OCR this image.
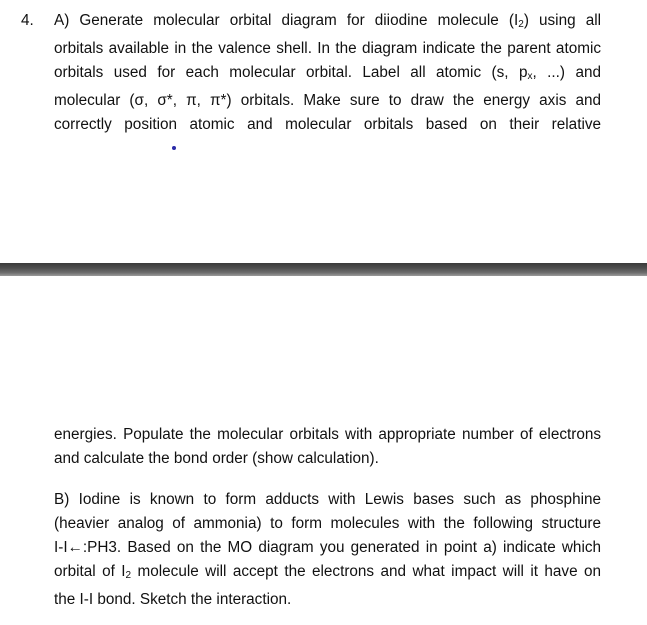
4. A) Generate molecular orbital diagram for diiodine molecule $(I_2)$ using all
orbitals available in the valence shell. In the diagram indicate the parent atomic
orbitals used for each molecular orbital. Label all atomic (s, $p_x$, ...) and
molecular (σ, σ*, π, π*) orbitals. Make sure to draw the energy axis and
correctly position atomic and molecular orbitals based on their relative
energies. Populate the molecular orbitals with appropriate number of electrons
and calculate the bond order (show calculation).
B) Iodine is known to form adducts with Lewis bases such as phosphine
(heavier analog of ammonia) to form molecules with the following structure
I-I←:PH3. Based on the MO diagram you generated in point a) indicate which
orbital of $I_2$ molecule will accept the electrons and what impact will it have on
the I-I bond. Sketch the interaction.
